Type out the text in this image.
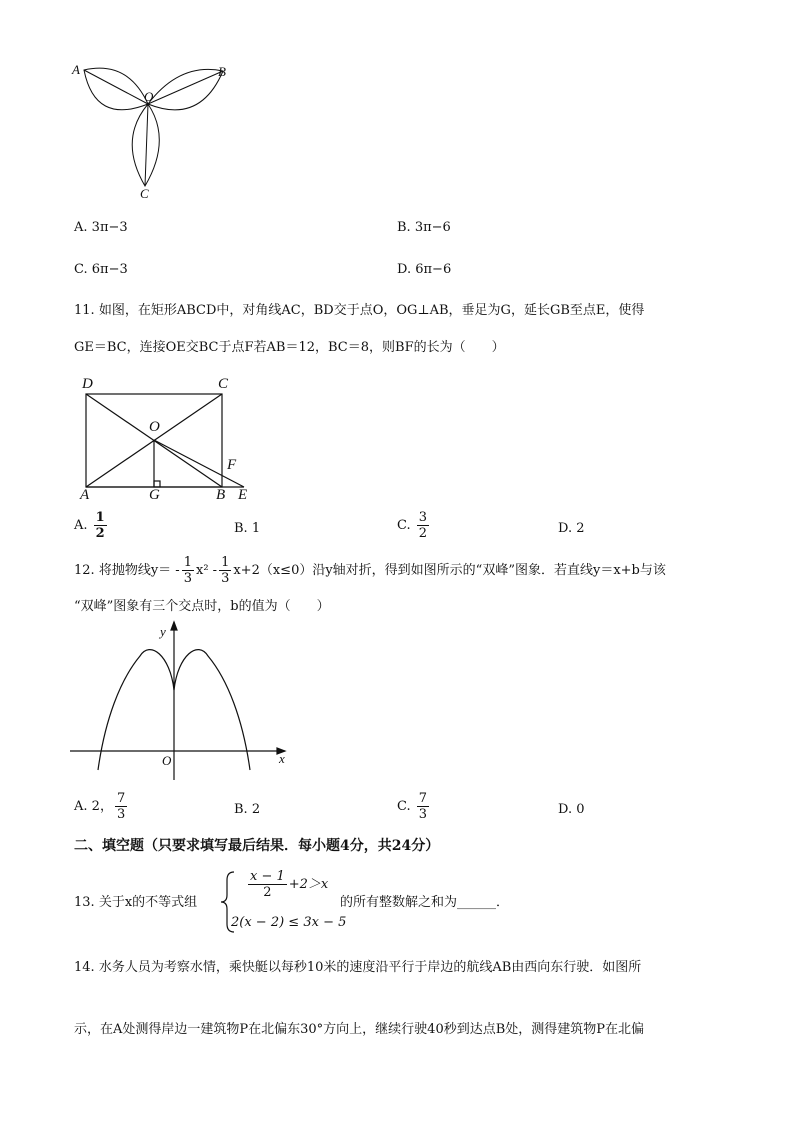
A	B
O
C
A. 3π−3	B. 3π−6
C. 6π−3	D. 6π−6
11. 如图，在矩形ABCD中，对角线AC，BD交于点O，OG⊥AB，垂足为G，延长GB至点E，使得
GE＝BC，连接OE交BC于点F若AB＝12，BC＝8，则BF的长为（　　）
D	C
O
F
A	G	B E
A. $\frac{1}{2}$	B. 1	C. $\frac{3}{2}$	D. 2
12. 将抛物线$y= - \frac{1}{3} x^2 - \frac{1}{3} x+2(x\le 0)$沿y轴对折，得到如图所示的“双峰”图象．若直线y＝x+b与该
“双峰”图象有三个交点时，b的值为（　　）
y
x
O
A. 2， $\frac{7}{3}$	B. 2	C. $\frac{7}{3}$	D. 0
二、填空题（只要求填写最后结果．每小题4分，共24分）
13. 关于x的不等式组
$\frac{x - 1}{2} +2>x$
2(x − 2) ≤ 3x − 5
的所有整数解之和为______．
14. 水务人员为考察水情，乘快艇以每秒10米的速度沿平行于岸边的航线AB由西向东行驶．如图所
示，在A处测得岸边一建筑物P在北偏东30°方向上，继续行驶40秒到达点B处，测得建筑物P在北偏
